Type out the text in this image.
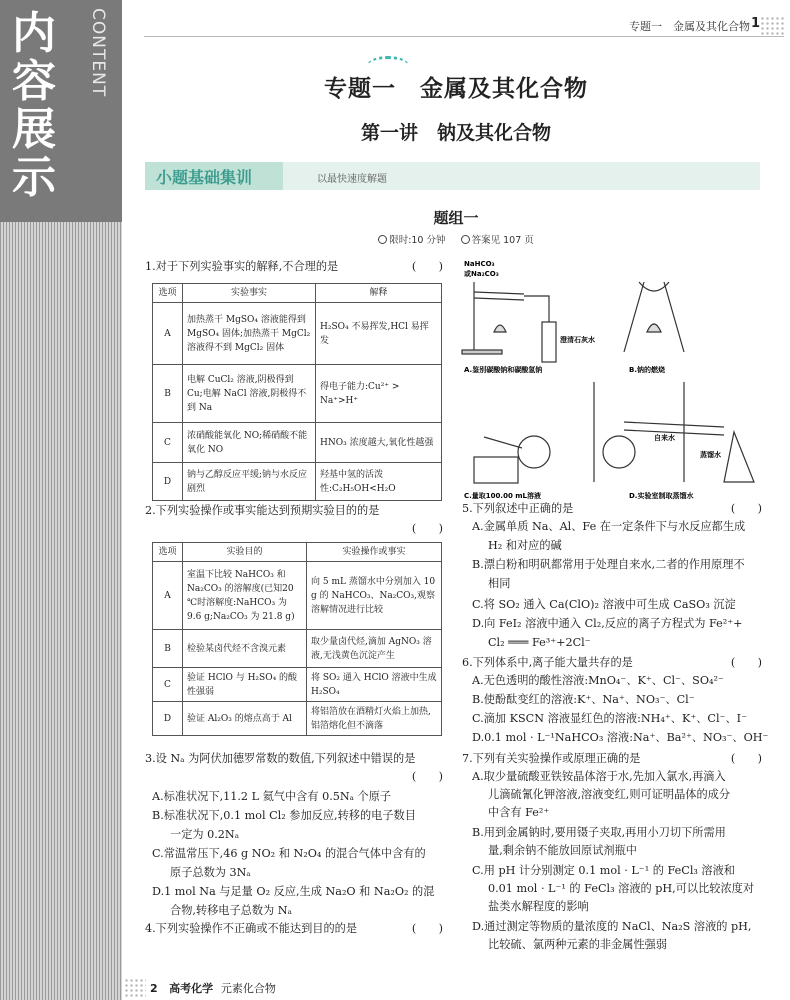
内容展示
CONTENT	专题一　金属及其化合物 1
专题一　金属及其化合物
第一讲　钠及其化合物
小题基础集训	以最快速度解题
题组一
限时:10 分钟	答案见 107 页
1.对于下列实验事实的解释,不合理的是	(　　)
选项	实验事实	解释
A	加热蒸干 MgSO₄ 溶液能得到 MgSO₄ 固体;加热蒸干 MgCl₂ 溶液得不到 MgCl₂ 固体	H₂SO₄ 不易挥发,HCl 易挥发
B	电解 CuCl₂ 溶液,阴极得到 Cu;电解 NaCl 溶液,阴极得不到 Na	得电子能力:Cu²⁺ > Na⁺>H⁺
C	浓硝酸能氧化 NO;稀硝酸不能氧化 NO	HNO₃ 浓度越大,氧化性越强
D	钠与乙醇反应平缓;钠与水反应剧烈	羟基中氢的活泼性:C₂H₅OH<H₂O
2.下列实验操作或事实能达到预期实验目的的是
(　　)
选项	实验目的	实验操作或事实
A	室温下比较 NaHCO₃ 和 Na₂CO₃ 的溶解度(已知20 ℃时溶解度:NaHCO₃ 为 9.6 g;Na₂CO₃ 为 21.8 g)	向 5 mL 蒸馏水中分别加入 10 g 的 NaHCO₃、Na₂CO₃,观察溶解情况进行比较
B	检验某卤代烃不含溴元素	取少量卤代烃,滴加 AgNO₃ 溶液,无浅黄色沉淀产生
C	验证 HClO 与 H₂SO₄ 的酸性强弱	将 SO₂ 通入 HClO 溶液中生成 H₂SO₄
D	验证 Al₂O₃ 的熔点高于 Al	将铝箔放在酒精灯火焰上加热,铝箔熔化但不滴落
3.设 Nₐ 为阿伏加德罗常数的数值,下列叙述中错误的是
(　　)
A.标准状况下,11.2 L 氦气中含有 0.5Nₐ 个原子
B.标准状况下,0.1 mol Cl₂ 参加反应,转移的电子数目
一定为 0.2Nₐ
C.常温常压下,46 g NO₂ 和 N₂O₄ 的混合气体中含有的
原子总数为 3Nₐ
D.1 mol Na 与足量 O₂ 反应,生成 Na₂O 和 Na₂O₂ 的混
合物,转移电子总数为 Nₐ
4.下列实验操作不正确或不能达到目的的是	(　　)
NaHCO₃
或Na₂CO₃
澄清石灰水
自来水
蒸馏水
A.鉴别碳酸钠和碳酸氢钠	B.钠的燃烧
C.量取100.00 mL溶液	D.实验室制取蒸馏水
5.下列叙述中正确的是	(　　)
A.金属单质 Na、Al、Fe 在一定条件下与水反应都生成
H₂ 和对应的碱
B.漂白粉和明矾都常用于处理自来水,二者的作用原理不
相同
C.将 SO₂ 通入 Ca(ClO)₂ 溶液中可生成 CaSO₃ 沉淀
D.向 FeI₂ 溶液中通入 Cl₂,反应的离子方程式为 Fe²⁺+
Cl₂ ═══ Fe³⁺+2Cl⁻
6.下列体系中,离子能大量共存的是	(　　)
A.无色透明的酸性溶液:MnO₄⁻、K⁺、Cl⁻、SO₄²⁻
B.使酚酞变红的溶液:K⁺、Na⁺、NO₃⁻、Cl⁻
C.滴加 KSCN 溶液显红色的溶液:NH₄⁺、K⁺、Cl⁻、I⁻
D.0.1 mol · L⁻¹NaHCO₃ 溶液:Na⁺、Ba²⁺、NO₃⁻、OH⁻
7.下列有关实验操作或原理正确的是	(　　)
A.取少量硫酸亚铁铵晶体溶于水,先加入氯水,再滴入
儿滴硫氰化钾溶液,溶液变红,则可证明晶体的成分
中含有 Fe²⁺
B.用到金属钠时,要用镊子夹取,再用小刀切下所需用
量,剩余钠不能放回原试剂瓶中
C.用 pH 计分别测定 0.1 mol · L⁻¹ 的 FeCl₃ 溶液和
0.01 mol · L⁻¹ 的 FeCl₃ 溶液的 pH,可以比较浓度对
盐类水解程度的影响
D.通过测定等物质的量浓度的 NaCl、Na₂S 溶液的 pH,
比较硫、氯两种元素的非金属性强弱
2 高考化学 元素化合物
